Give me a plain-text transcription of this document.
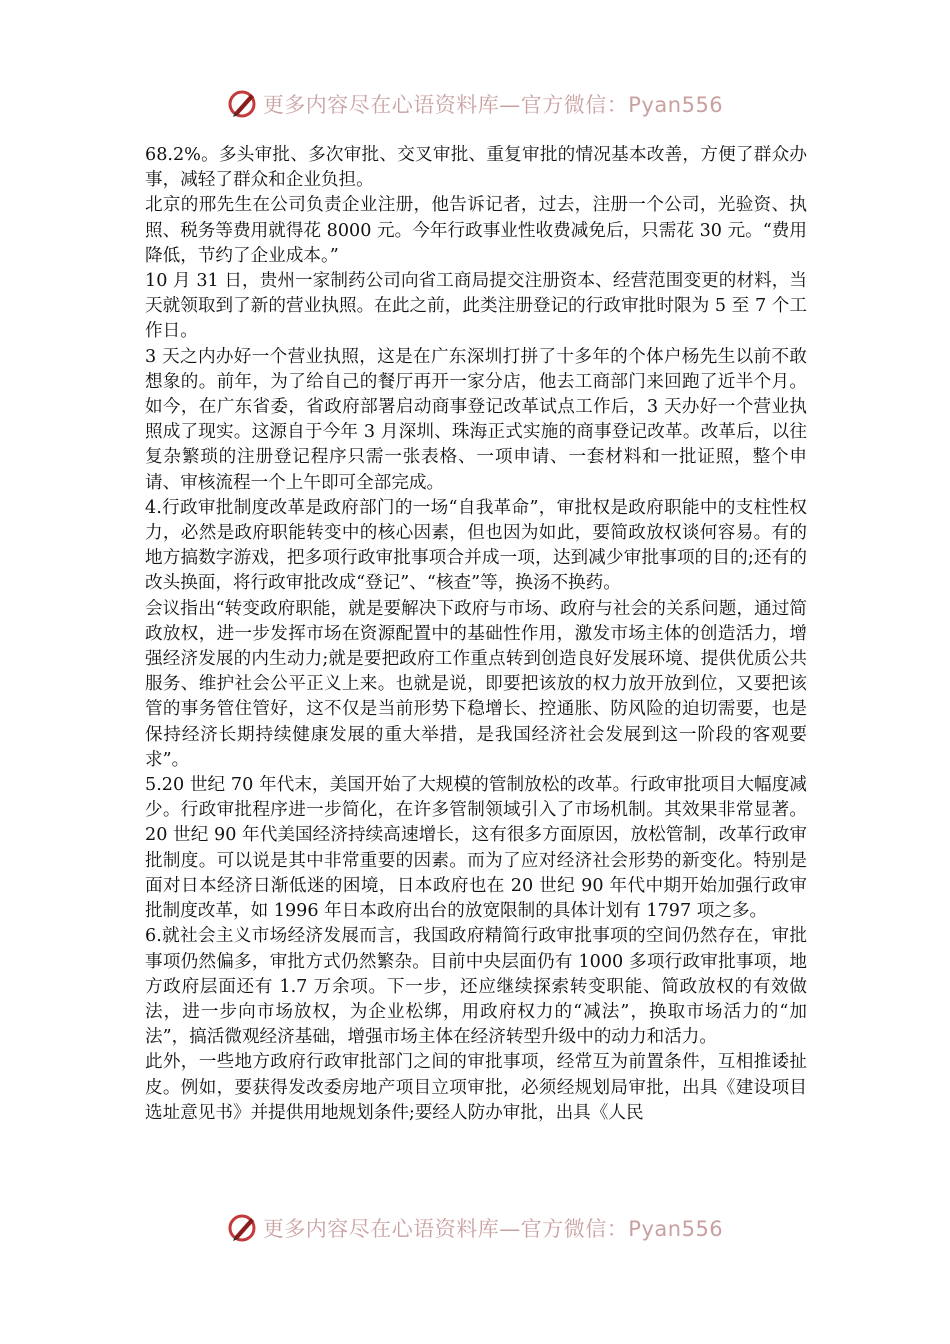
更多内容尽在心语资料库—官方微信：Pyan556

68.2%。多头审批、多次审批、交叉审批、重复审批的情况基本改善，方便了群众办事，减轻了群众和企业负担。

北京的邢先生在公司负责企业注册，他告诉记者，过去，注册一个公司，光验资、执照、税务等费用就得花 8000 元。今年行政事业性收费减免后，只需花 30 元。“费用降低，节约了企业成本。”

10 月 31 日，贵州一家制药公司向省工商局提交注册资本、经营范围变更的材料，当天就领取到了新的营业执照。在此之前，此类注册登记的行政审批时限为 5 至 7 个工作日。

3 天之内办好一个营业执照，这是在广东深圳打拼了十多年的个体户杨先生以前不敢想象的。前年，为了给自己的餐厅再开一家分店，他去工商部门来回跑了近半个月。如今，在广东省委，省政府部署启动商事登记改革试点工作后，3 天办好一个营业执照成了现实。这源自于今年 3 月深圳、珠海正式实施的商事登记改革。改革后，以往复杂繁琐的注册登记程序只需一张表格、一项申请、一套材料和一批证照，整个申请、审核流程一个上午即可全部完成。

4.行政审批制度改革是政府部门的一场“自我革命”，审批权是政府职能中的支柱性权力，必然是政府职能转变中的核心因素，但也因为如此，要简政放权谈何容易。有的地方搞数字游戏，把多项行政审批事项合并成一项，达到减少审批事项的目的;还有的改头换面，将行政审批改成“登记”、“核查”等，换汤不换药。

会议指出“转变政府职能，就是要解决下政府与市场、政府与社会的关系问题，通过简政放权，进一步发挥市场在资源配置中的基础性作用，激发市场主体的创造活力，增强经济发展的内生动力;就是要把政府工作重点转到创造良好发展环境、提供优质公共服务、维护社会公平正义上来。也就是说，即要把该放的权力放开放到位，又要把该管的事务管住管好，这不仅是当前形势下稳增长、控通胀、防风险的迫切需要，也是保持经济长期持续健康发展的重大举措，是我国经济社会发展到这一阶段的客观要求”。

5.20 世纪 70 年代末，美国开始了大规模的管制放松的改革。行政审批项目大幅度减少。行政审批程序进一步简化，在许多管制领域引入了市场机制。其效果非常显著。20 世纪 90 年代美国经济持续高速增长，这有很多方面原因，放松管制，改革行政审批制度。可以说是其中非常重要的因素。而为了应对经济社会形势的新变化。特别是面对日本经济日渐低迷的困境，日本政府也在 20 世纪 90 年代中期开始加强行政审批制度改革，如 1996 年日本政府出台的放宽限制的具体计划有 1797 项之多。

6.就社会主义市场经济发展而言，我国政府精简行政审批事项的空间仍然存在，审批事项仍然偏多，审批方式仍然繁杂。目前中央层面仍有 1000 多项行政审批事项，地方政府层面还有 1.7 万余项。下一步，还应继续探索转变职能、简政放权的有效做法，进一步向市场放权，为企业松绑，用政府权力的“减法”，换取市场活力的“加法”，搞活微观经济基础，增强市场主体在经济转型升级中的动力和活力。

此外，一些地方政府行政审批部门之间的审批事项，经常互为前置条件，互相推诿扯皮。例如，要获得发改委房地产项目立项审批，必须经规划局审批，出具《建设项目选址意见书》并提供用地规划条件;要经人防办审批，出具《人民

更多内容尽在心语资料库—官方微信：Pyan556
